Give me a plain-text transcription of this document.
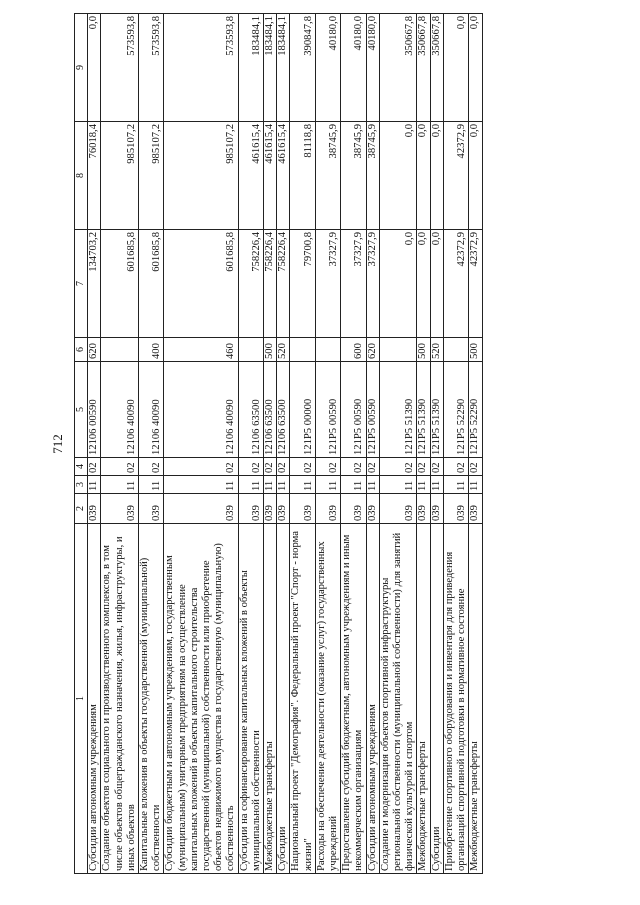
712
1	2	3	4	5	6	7	8	9
Субсидии автономным учреждениям	039	11	02	12106 00590	620	134703,2	76018,4	0,0
Создание объектов социального и производственного комплексов, в том числе объектов общегражданского назначения, жилья, инфраструктуры, и иных объектов	039	11	02	12106 40090		601685,8	985107,2	573593,8
Капитальные вложения в объекты государственной (муниципальной) собственности	039	11	02	12106 40090	400	601685,8	985107,2	573593,8
Субсидии бюджетным и автономным учреждениям, государственным (муниципальным) унитарным предприятиям на осуществление капитальных вложений в объекты капитального строительства государственной (муниципальной) собственности или приобретение объектов недвижимого имущества в государственную (муниципальную) собственность	039	11	02	12106 40090	460	601685,8	985107,2	573593,8
Субсидии на софинансирование капитальных вложений в объекты муниципальной собственности	039	11	02	12106 63500		758226,4	461615,4	183484,1
Межбюджетные трансферты	039	11	02	12106 63500	500	758226,4	461615,4	183484,1
Субсидии	039	11	02	12106 63500	520	758226,4	461615,4	183484,1
Национальный проект "Демография". Федеральный проект "Спорт - норма жизни"	039	11	02	121P5 00000		79700,8	81118,8	390847,8
Расходы на обеспечение деятельности (оказание услуг) государственных учреждений	039	11	02	121P5 00590		37327,9	38745,9	40180,0
Предоставление субсидий бюджетным, автономным учреждениям и иным некоммерческим организациям	039	11	02	121P5 00590	600	37327,9	38745,9	40180,0
Субсидии автономным учреждениям	039	11	02	121P5 00590	620	37327,9	38745,9	40180,0
Создание и модернизация объектов спортивной инфраструктуры региональной собственности (муниципальной собственности) для занятий физической культурой и спортом	039	11	02	121P5 51390		0,0	0,0	350667,8
Межбюджетные трансферты	039	11	02	121P5 51390	500	0,0	0,0	350667,8
Субсидии	039	11	02	121P5 51390	520	0,0	0,0	350667,8
Приобретение спортивного оборудования и инвентаря для приведения организаций спортивной подготовки в нормативное состояние	039	11	02	121P5 52290		42372,9	42372,9	0,0
Межбюджетные трансферты	039	11	02	121P5 52290	500	42372,9	0,0	0,0
